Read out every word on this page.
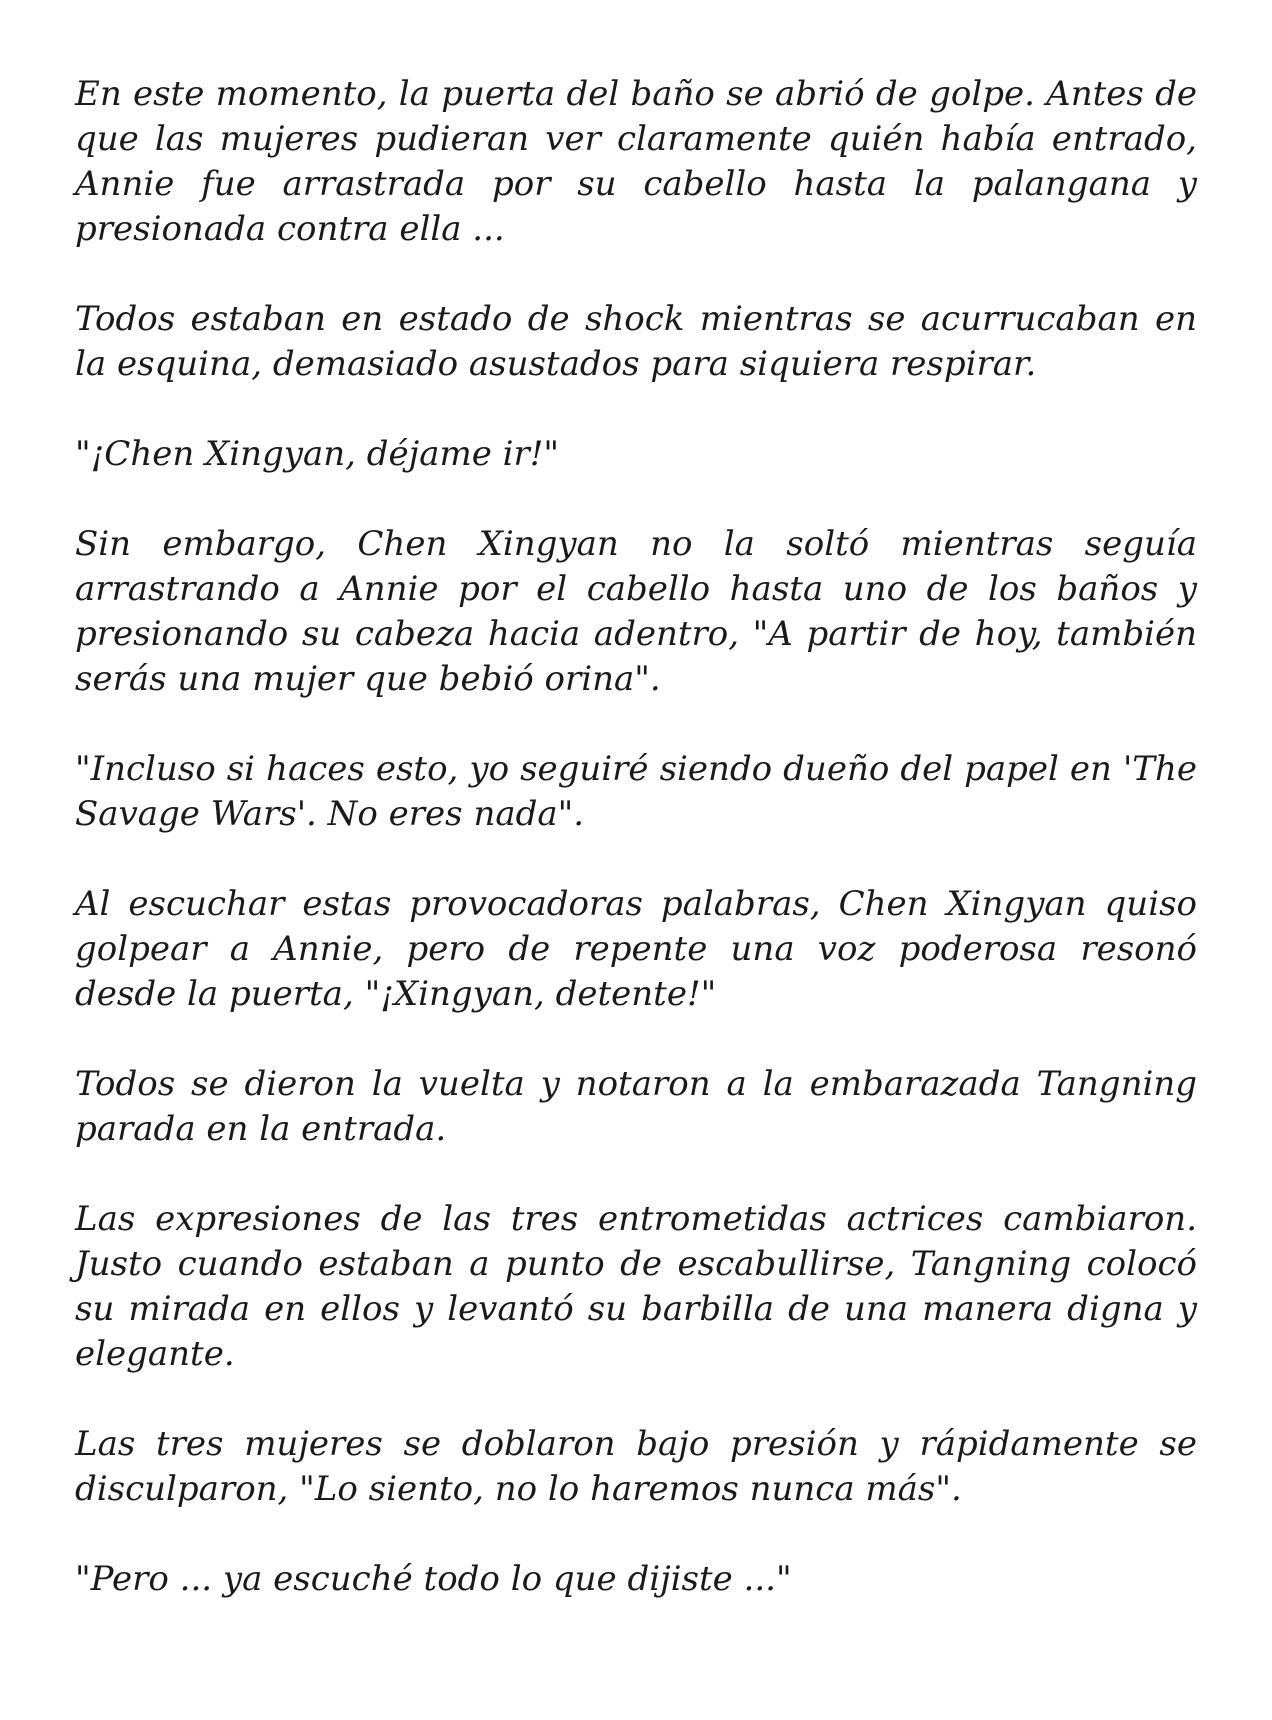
En este momento, la puerta del baño se abrió de golpe. Antes de que las mujeres pudieran ver claramente quién había entrado, Annie fue arrastrada por su cabello hasta la palangana y presionada contra ella ...

Todos estaban en estado de shock mientras se acurrucaban en la esquina, demasiado asustados para siquiera respirar.

"¡Chen Xingyan, déjame ir!"

Sin embargo, Chen Xingyan no la soltó mientras seguía arrastrando a Annie por el cabello hasta uno de los baños y presionando su cabeza hacia adentro, "A partir de hoy, también serás una mujer que bebió orina".

"Incluso si haces esto, yo seguiré siendo dueño del papel en 'The Savage Wars'. No eres nada".

Al escuchar estas provocadoras palabras, Chen Xingyan quiso golpear a Annie, pero de repente una voz poderosa resonó desde la puerta, "¡Xingyan, detente!"

Todos se dieron la vuelta y notaron a la embarazada Tangning parada en la entrada.

Las expresiones de las tres entrometidas actrices cambiaron. Justo cuando estaban a punto de escabullirse, Tangning colocó su mirada en ellos y levantó su barbilla de una manera digna y elegante.

Las tres mujeres se doblaron bajo presión y rápidamente se disculparon, "Lo siento, no lo haremos nunca más".

"Pero ... ya escuché todo lo que dijiste ..."
